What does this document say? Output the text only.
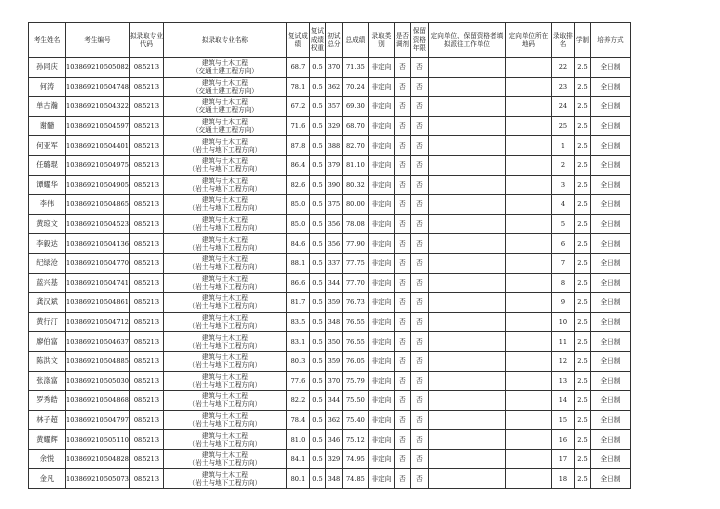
考生姓名	考生编号	拟录取专业代码	拟录取专业名称	复试成绩	复试成绩权重	初试总分	总成绩	录取类别	是否调剂	保留资格年限	定向单位、保留资格者填拟派往工作单位	定向单位所在地码	录取排名	学制	培养方式
孙同庆	103869210505082	085213	建筑与土木工程
（交通土建工程方向）	68.7	0.5	370	71.35	非定向	否	否			22	2.5	全日制
何涛	103869210504748	085213	建筑与土木工程
（交通土建工程方向）	78.1	0.5	362	70.24	非定向	否	否			23	2.5	全日制
单古瀚	103869210504322	085213	建筑与土木工程
（交通土建工程方向）	67.2	0.5	357	69.30	非定向	否	否			24	2.5	全日制
谢髓	103869210504597	085213	建筑与土木工程
（交通土建工程方向）	71.6	0.5	329	68.70	非定向	否	否			25	2.5	全日制
何亚军	103869210504401	085213	建筑与土木工程
（岩土与地下工程方向）	87.8	0.5	388	82.70	非定向	否	否			1	2.5	全日制
任璐琨	103869210504975	085213	建筑与土木工程
（岩土与地下工程方向）	86.4	0.5	379	81.10	非定向	否	否			2	2.5	全日制
谭耀华	103869210504905	085213	建筑与土木工程
（岩土与地下工程方向）	82.6	0.5	390	80.32	非定向	否	否			3	2.5	全日制
李伟	103869210504865	085213	建筑与土木工程
（岩土与地下工程方向）	85.0	0.5	375	80.00	非定向	否	否			4	2.5	全日制
黄琼文	103869210504523	085213	建筑与土木工程
（岩土与地下工程方向）	85.0	0.5	356	78.08	非定向	否	否			5	2.5	全日制
李毅达	103869210504136	085213	建筑与土木工程
（岩土与地下工程方向）	84.6	0.5	356	77.90	非定向	否	否			6	2.5	全日制
纪绿沧	103869210504770	085213	建筑与土木工程
（岩土与地下工程方向）	88.1	0.5	337	77.75	非定向	否	否			7	2.5	全日制
蓝兴基	103869210504741	085213	建筑与土木工程
（岩土与地下工程方向）	86.6	0.5	344	77.70	非定向	否	否			8	2.5	全日制
龚汉斌	103869210504861	085213	建筑与土木工程
（岩土与地下工程方向）	81.7	0.5	359	76.73	非定向	否	否			9	2.5	全日制
黄行汀	103869210504712	085213	建筑与土木工程
（岩土与地下工程方向）	83.5	0.5	348	76.55	非定向	否	否			10	2.5	全日制
廖伯富	103869210504637	085213	建筑与土木工程
（岩土与地下工程方向）	83.1	0.5	350	76.55	非定向	否	否			11	2.5	全日制
陈洪文	103869210504885	085213	建筑与土木工程
（岩土与地下工程方向）	80.3	0.5	359	76.05	非定向	否	否			12	2.5	全日制
张涤富	103869210505030	085213	建筑与土木工程
（岩土与地下工程方向）	77.6	0.5	370	75.79	非定向	否	否			13	2.5	全日制
罗秀皓	103869210504868	085213	建筑与土木工程
（岩土与地下工程方向）	82.2	0.5	344	75.50	非定向	否	否			14	2.5	全日制
林子超	103869210504797	085213	建筑与土木工程
（岩土与地下工程方向）	78.4	0.5	362	75.40	非定向	否	否			15	2.5	全日制
黄耀辉	103869210505110	085213	建筑与土木工程
（岩土与地下工程方向）	81.0	0.5	346	75.12	非定向	否	否			16	2.5	全日制
余悦	103869210504828	085213	建筑与土木工程
（岩土与地下工程方向）	84.1	0.5	329	74.95	非定向	否	否			17	2.5	全日制
金凡	103869210505073	085213	建筑与土木工程
（岩土与地下工程方向）	80.1	0.5	348	74.85	非定向	否	否			18	2.5	全日制
